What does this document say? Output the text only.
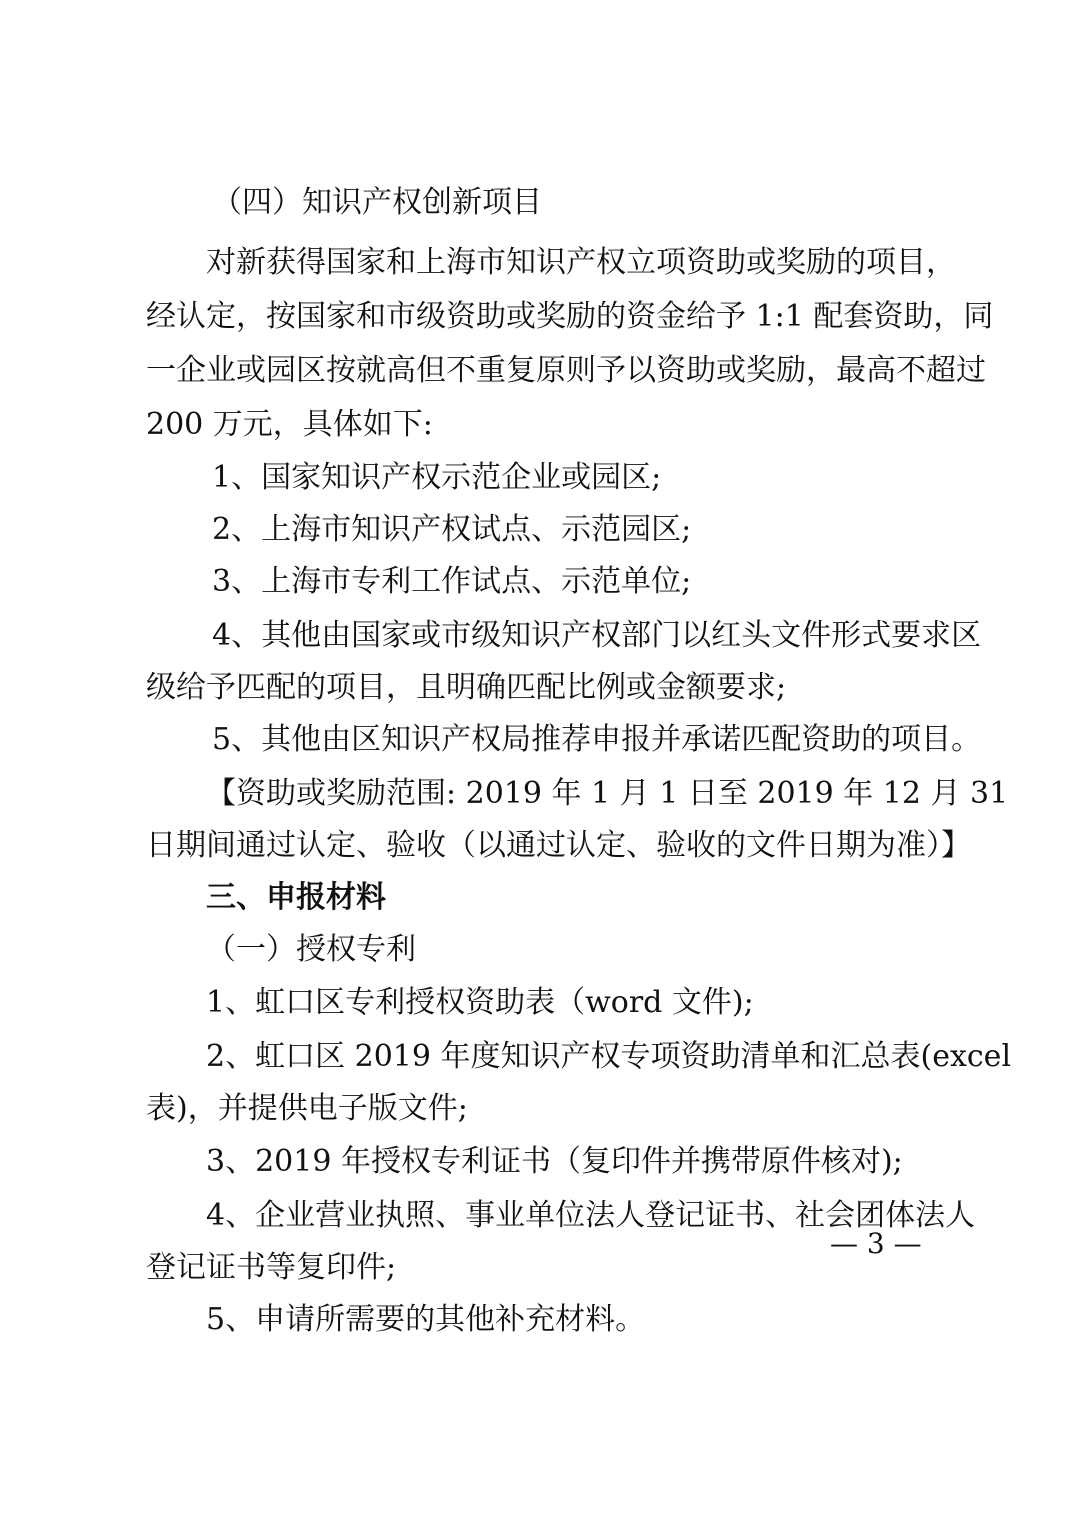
（四）知识产权创新项目
对新获得国家和上海市知识产权立项资助或奖励的项目，
经认定，按国家和市级资助或奖励的资金给予 1:1 配套资助，同
一企业或园区按就高但不重复原则予以资助或奖励，最高不超过
200 万元，具体如下:
1、国家知识产权示范企业或园区;
2、上海市知识产权试点、示范园区;
3、上海市专利工作试点、示范单位;
4、其他由国家或市级知识产权部门以红头文件形式要求区
级给予匹配的项目，且明确匹配比例或金额要求;
5、其他由区知识产权局推荐申报并承诺匹配资助的项目。
【资助或奖励范围: 2019 年 1 月 1 日至 2019 年 12 月 31
日期间通过认定、验收（以通过认定、验收的文件日期为准）】
三、申报材料
（一）授权专利
1、虹口区专利授权资助表（word 文件);
2、虹口区 2019 年度知识产权专项资助清单和汇总表(excel
表)，并提供电子版文件;
3、2019 年授权专利证书（复印件并携带原件核对);
4、企业营业执照、事业单位法人登记证书、社会团体法人
登记证书等复印件;
5、申请所需要的其他补充材料。
— 3 —
